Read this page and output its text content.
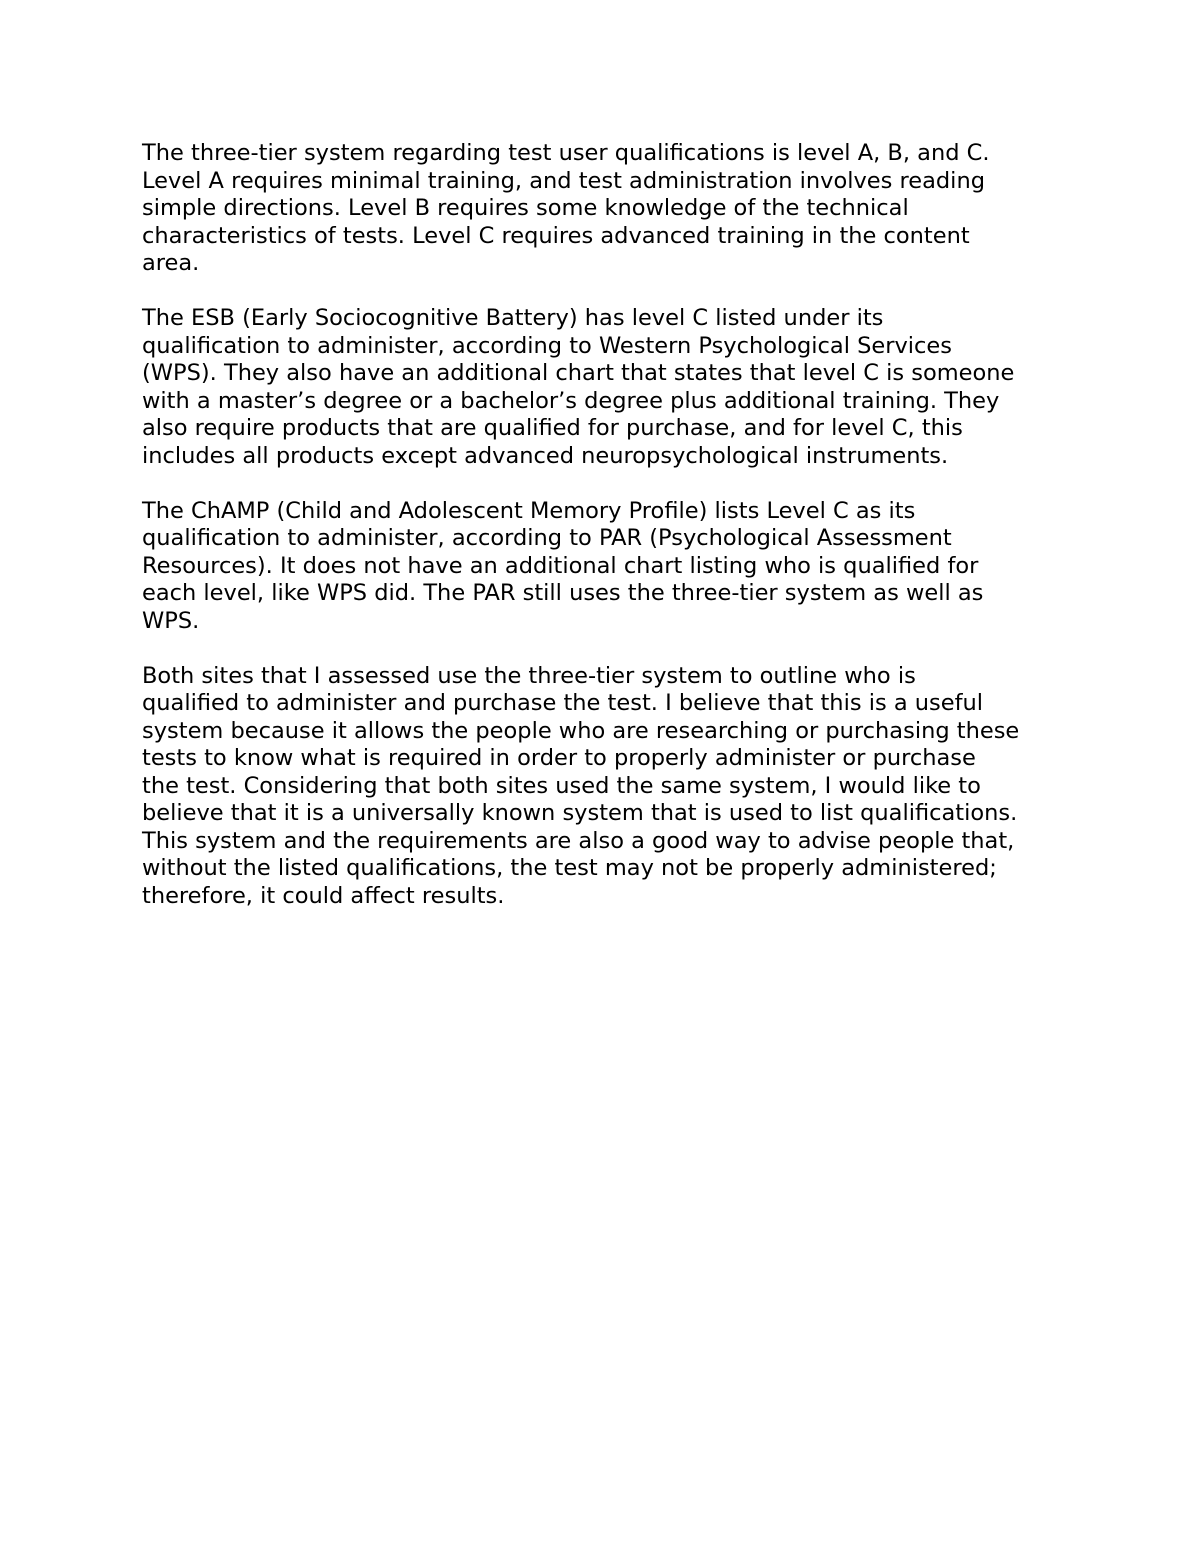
The three-tier system regarding test user qualifications is level A, B, and C.
Level A requires minimal training, and test administration involves reading
simple directions. Level B requires some knowledge of the technical
characteristics of tests. Level C requires advanced training in the content
area.

The ESB (Early Sociocognitive Battery) has level C listed under its
qualification to administer, according to Western Psychological Services
(WPS). They also have an additional chart that states that level C is someone
with a master’s degree or a bachelor’s degree plus additional training. They
also require products that are qualified for purchase, and for level C, this
includes all products except advanced neuropsychological instruments.

The ChAMP (Child and Adolescent Memory Profile) lists Level C as its
qualification to administer, according to PAR (Psychological Assessment
Resources). It does not have an additional chart listing who is qualified for
each level, like WPS did. The PAR still uses the three-tier system as well as
WPS.

Both sites that I assessed use the three-tier system to outline who is
qualified to administer and purchase the test. I believe that this is a useful
system because it allows the people who are researching or purchasing these
tests to know what is required in order to properly administer or purchase
the test. Considering that both sites used the same system, I would like to
believe that it is a universally known system that is used to list qualifications.
This system and the requirements are also a good way to advise people that,
without the listed qualifications, the test may not be properly administered;
therefore, it could affect results.
